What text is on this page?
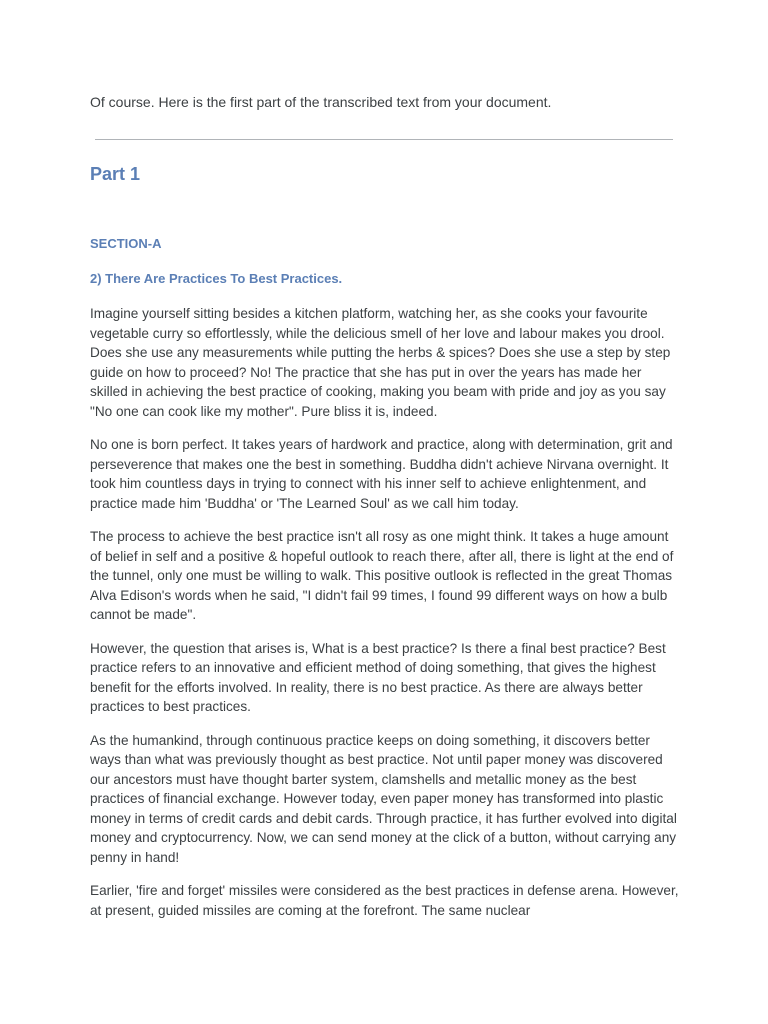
Of course. Here is the first part of the transcribed text from your document.

Part 1
SECTION-A
2) There Are Practices To Best Practices.

Imagine yourself sitting besides a kitchen platform, watching her, as she cooks your favourite vegetable curry so effortlessly, while the delicious smell of her love and labour makes you drool. Does she use any measurements while putting the herbs & spices? Does she use a step by step guide on how to proceed? No! The practice that she has put in over the years has made her skilled in achieving the best practice of cooking, making you beam with pride and joy as you say "No one can cook like my mother". Pure bliss it is, indeed.

No one is born perfect. It takes years of hardwork and practice, along with determination, grit and perseverence that makes one the best in something. Buddha didn't achieve Nirvana overnight. It took him countless days in trying to connect with his inner self to achieve enlightenment, and practice made him 'Buddha' or 'The Learned Soul' as we call him today.

The process to achieve the best practice isn't all rosy as one might think. It takes a huge amount of belief in self and a positive & hopeful outlook to reach there, after all, there is light at the end of the tunnel, only one must be willing to walk. This positive outlook is reflected in the great Thomas Alva Edison's words when he said, "I didn't fail 99 times, I found 99 different ways on how a bulb cannot be made".

However, the question that arises is, What is a best practice? Is there a final best practice? Best practice refers to an innovative and efficient method of doing something, that gives the highest benefit for the efforts involved. In reality, there is no best practice. As there are always better practices to best practices.

As the humankind, through continuous practice keeps on doing something, it discovers better ways than what was previously thought as best practice. Not until paper money was discovered our ancestors must have thought barter system, clamshells and metallic money as the best practices of financial exchange. However today, even paper money has transformed into plastic money in terms of credit cards and debit cards. Through practice, it has further evolved into digital money and cryptocurrency. Now, we can send money at the click of a button, without carrying any penny in hand!

Earlier, 'fire and forget' missiles were considered as the best practices in defense arena. However, at present, guided missiles are coming at the forefront. The same nuclear
